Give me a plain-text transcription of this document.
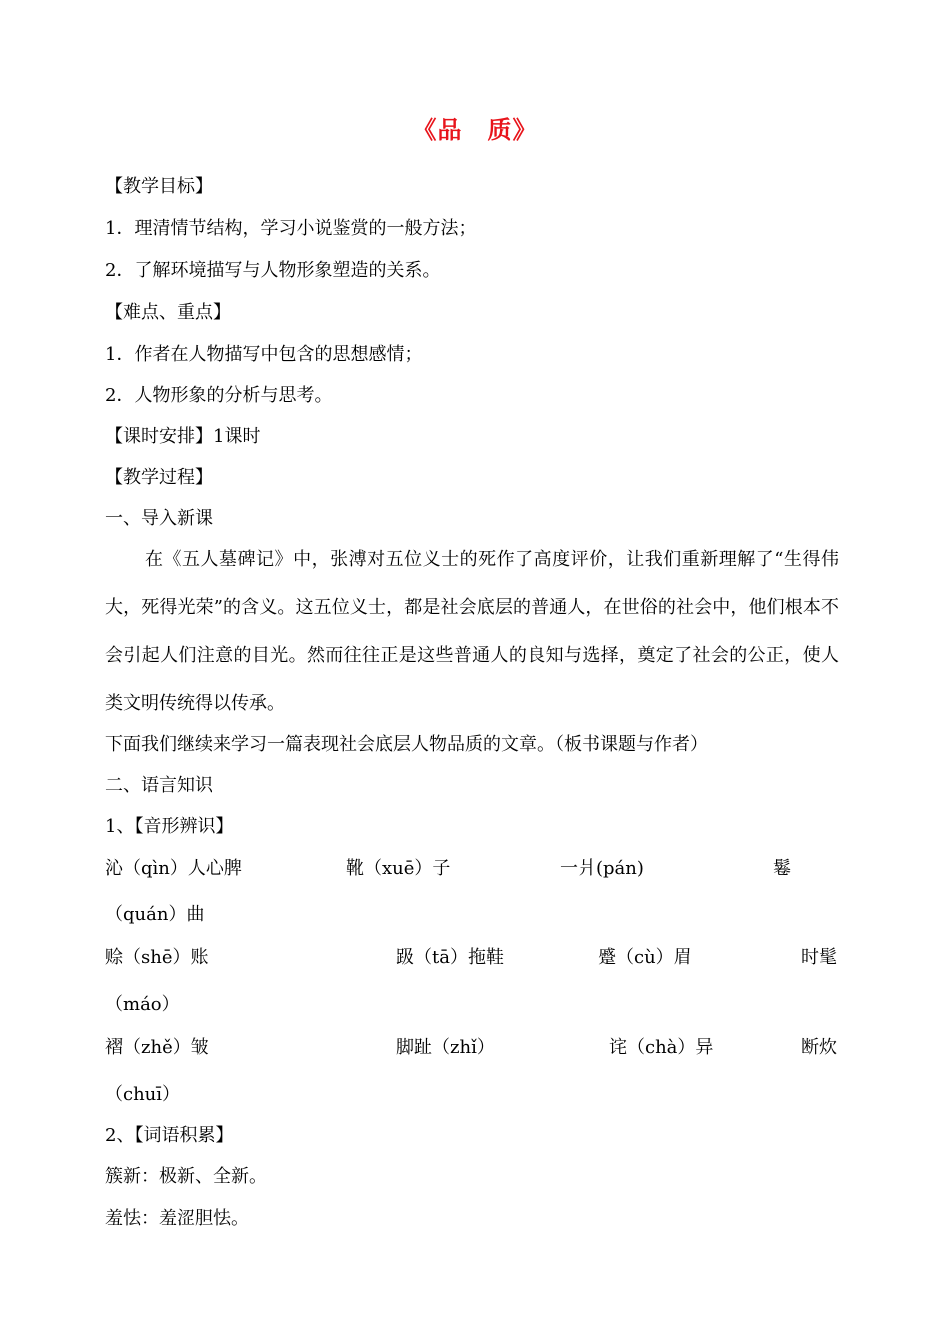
《品　质》
【教学目标】
1．理清情节结构，学习小说鉴赏的一般方法；
2．了解环境描写与人物形象塑造的关系。
【难点、重点】
1．作者在人物描写中包含的思想感情；
2．人物形象的分析与思考。
【课时安排】1课时
【教学过程】
一、导入新课
在《五人墓碑记》中，张溥对五位义士的死作了高度评价，让我们重新理解了“生得伟大，死得光荣”的含义。这五位义士，都是社会底层的普通人，在世俗的社会中，他们根本不会引起人们注意的目光。然而往往正是这些普通人的良知与选择，奠定了社会的公正，使人类文明传统得以传承。
下面我们继续来学习一篇表现社会底层人物品质的文章。（板书课题与作者）
二、语言知识
1、【音形辨识】
沁（qìn）人心脾	靴（xuē）子	一爿(pán)	鬈
（quán）曲
赊（shē）账	趿（tā）拖鞋	蹙（cù）眉	时髦
（máo）
褶（zhě）皱	脚趾（zhǐ）	诧（chà）异	断炊
（chuī）
2、【词语积累】
簇新：极新、全新。
羞怯：羞涩胆怯。
